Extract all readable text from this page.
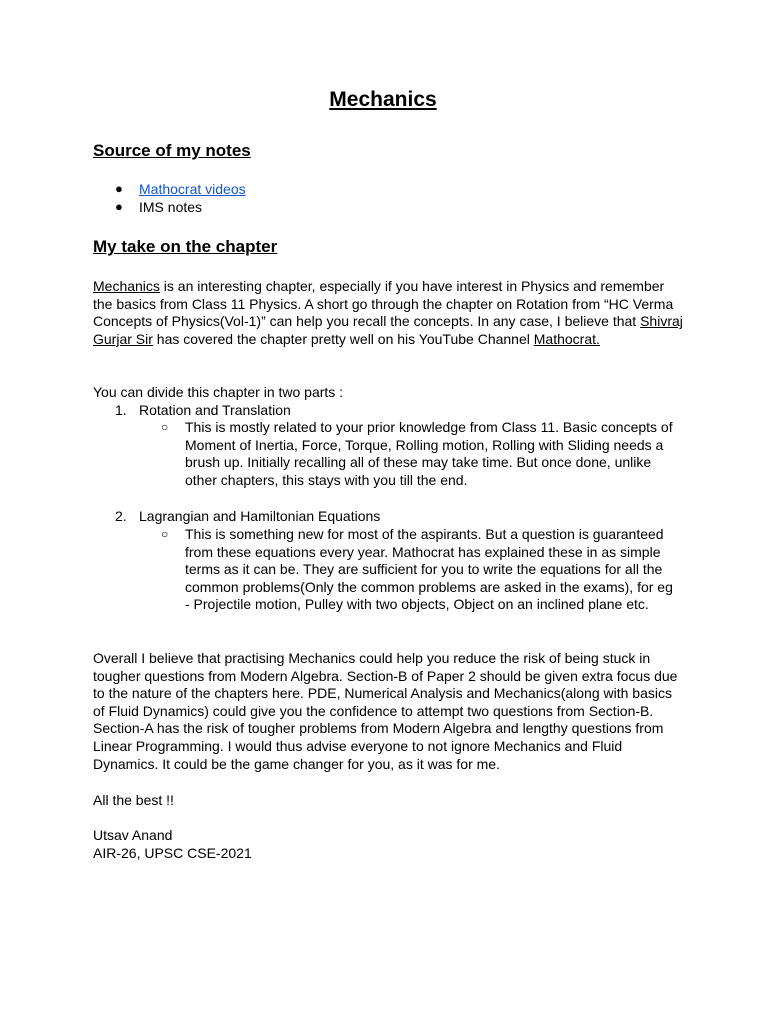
Mechanics
Source of my notes
● Mathocrat videos
● IMS notes
My take on the chapter

Mechanics is an interesting chapter, especially if you have interest in Physics and remember the basics from Class 11 Physics. A short go through the chapter on Rotation from “HC Verma Concepts of Physics(Vol-1)” can help you recall the concepts. In any case, I believe that Shivraj Gurjar Sir has covered the chapter pretty well on his YouTube Channel Mathocrat.

You can divide this chapter in two parts :

1. Rotation and Translation
○ This is mostly related to your prior knowledge from Class 11. Basic concepts of Moment of Inertia, Force, Torque, Rolling motion, Rolling with Sliding needs a brush up. Initially recalling all of these may take time. But once done, unlike other chapters, this stays with you till the end.
2. Lagrangian and Hamiltonian Equations
○ This is something new for most of the aspirants. But a question is guaranteed from these equations every year. Mathocrat has explained these in as simple terms as it can be. They are sufficient for you to write the equations for all the common problems(Only the common problems are asked in the exams), for eg - Projectile motion, Pulley with two objects, Object on an inclined plane etc.

Overall I believe that practising Mechanics could help you reduce the risk of being stuck in tougher questions from Modern Algebra. Section-B of Paper 2 should be given extra focus due to the nature of the chapters here. PDE, Numerical Analysis and Mechanics(along with basics of Fluid Dynamics) could give you the confidence to attempt two questions from Section-B. Section-A has the risk of tougher problems from Modern Algebra and lengthy questions from Linear Programming. I would thus advise everyone to not ignore Mechanics and Fluid Dynamics. It could be the game changer for you, as it was for me.

All the best !!

Utsav Anand

AIR-26, UPSC CSE-2021
